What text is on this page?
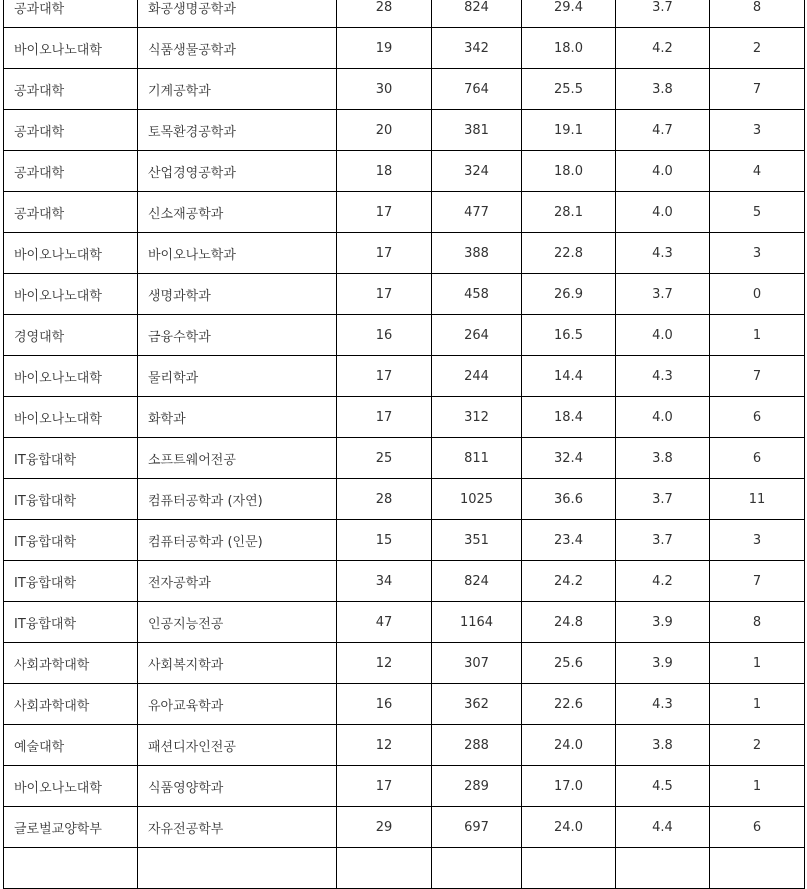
공과대학	화공생명공학과	28	824	29.4	3.7	8
바이오나노대학	식품생물공학과	19	342	18.0	4.2	2
공과대학	기계공학과	30	764	25.5	3.8	7
공과대학	토목환경공학과	20	381	19.1	4.7	3
공과대학	산업경영공학과	18	324	18.0	4.0	4
공과대학	신소재공학과	17	477	28.1	4.0	5
바이오나노대학	바이오나노학과	17	388	22.8	4.3	3
바이오나노대학	생명과학과	17	458	26.9	3.7	0
경영대학	금융수학과	16	264	16.5	4.0	1
바이오나노대학	물리학과	17	244	14.4	4.3	7
바이오나노대학	화학과	17	312	18.4	4.0	6
IT융합대학	소프트웨어전공	25	811	32.4	3.8	6
IT융합대학	컴퓨터공학과 (자연)	28	1025	36.6	3.7	11
IT융합대학	컴퓨터공학과 (인문)	15	351	23.4	3.7	3
IT융합대학	전자공학과	34	824	24.2	4.2	7
IT융합대학	인공지능전공	47	1164	24.8	3.9	8
사회과학대학	사회복지학과	12	307	25.6	3.9	1
사회과학대학	유아교육학과	16	362	22.6	4.3	1
예술대학	패션디자인전공	12	288	24.0	3.8	2
바이오나노대학	식품영양학과	17	289	17.0	4.5	1
글로벌교양학부	자유전공학부	29	697	24.0	4.4	6
